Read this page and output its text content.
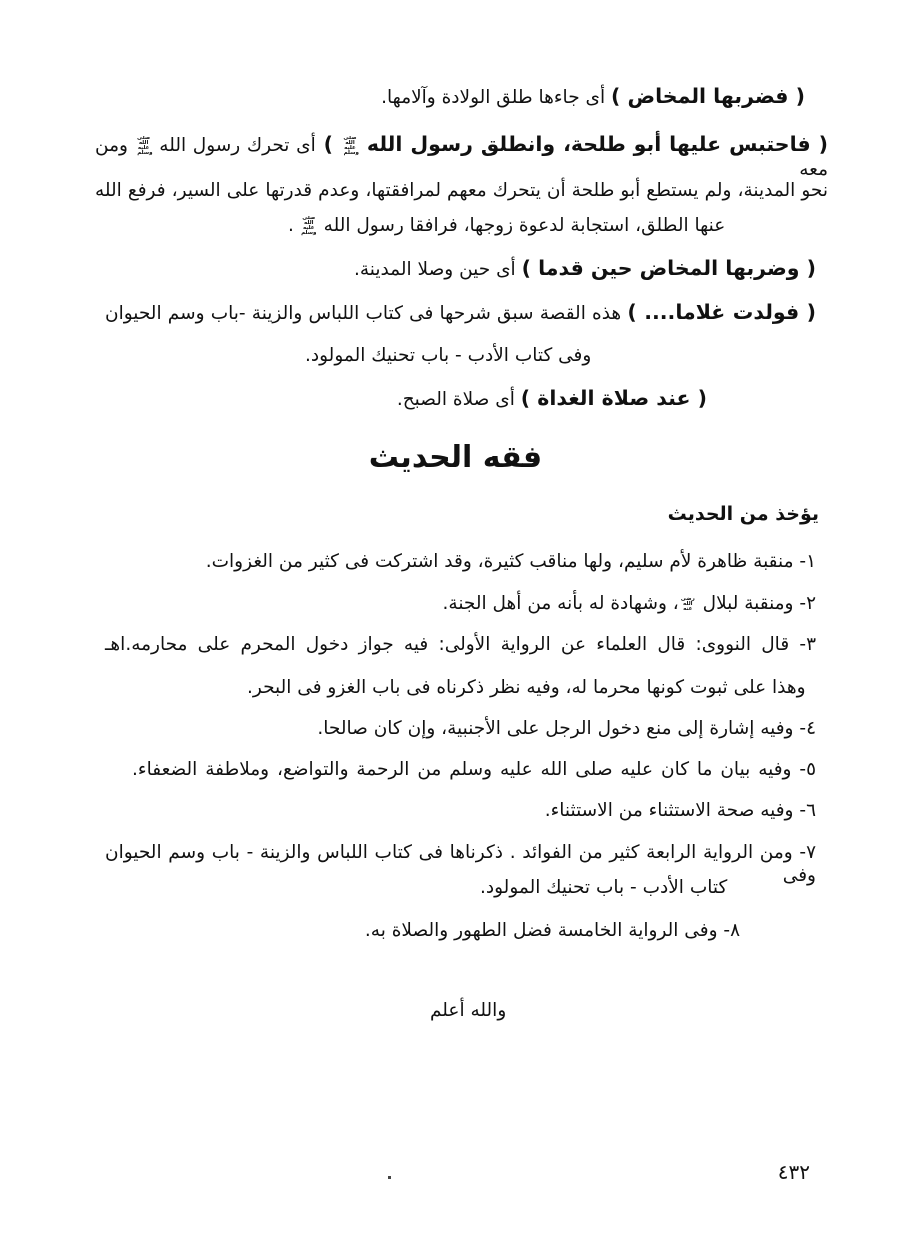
( فضربها المخاض ) أى جاءها طلق الولادة وآلامها.
( فاحتبس عليها أبو طلحة، وانطلق رسول الله صلى الله عليه وسلم ) أى تحرك رسول الله صلى الله عليه وسلم ومن معه
نحو المدينة، ولم يستطع أبو طلحة أن يتحرك معهم لمرافقتها، وعدم قدرتها على السير، فرفع الله
عنها الطلق، استجابة لدعوة زوجها، فرافقا رسول الله صلى الله عليه وسلم .
( وضربها المخاض حين قدما ) أى حين وصلا المدينة.
( فولدت غلاما.... ) هذه القصة سبق شرحها فى كتاب اللباس والزينة -باب وسم الحيوان
وفى كتاب الأدب - باب تحنيك المولود.
( عند صلاة الغداة ) أى صلاة الصبح.
فقه الحديث
يؤخذ من الحديث
١- منقبة ظاهرة لأم سليم، ولها مناقب كثيرة، وقد اشتركت فى كثير من الغزوات.
٢- ومنقبة لبلال رضى الله عنه، وشهادة له بأنه من أهل الجنة.
٣- قال النووى: قال العلماء عن الرواية الأولى: فيه جواز دخول المحرم على محارمه.اهـ
وهذا على ثبوت كونها محرما له، وفيه نظر ذكرناه فى باب الغزو فى البحر.
٤- وفيه إشارة إلى منع دخول الرجل على الأجنبية، وإن كان صالحا.
٥- وفيه بيان ما كان عليه صلى الله عليه وسلم من الرحمة والتواضع، وملاطفة الضعفاء.
٦- وفيه صحة الاستثناء من الاستثناء.
٧- ومن الرواية الرابعة كثير من الفوائد . ذكرناها فى كتاب اللباس والزينة - باب وسم الحيوان وفى
كتاب الأدب - باب تحنيك المولود.
٨- وفى الرواية الخامسة فضل الطهور والصلاة به.
والله أعلم
٤٣٢
